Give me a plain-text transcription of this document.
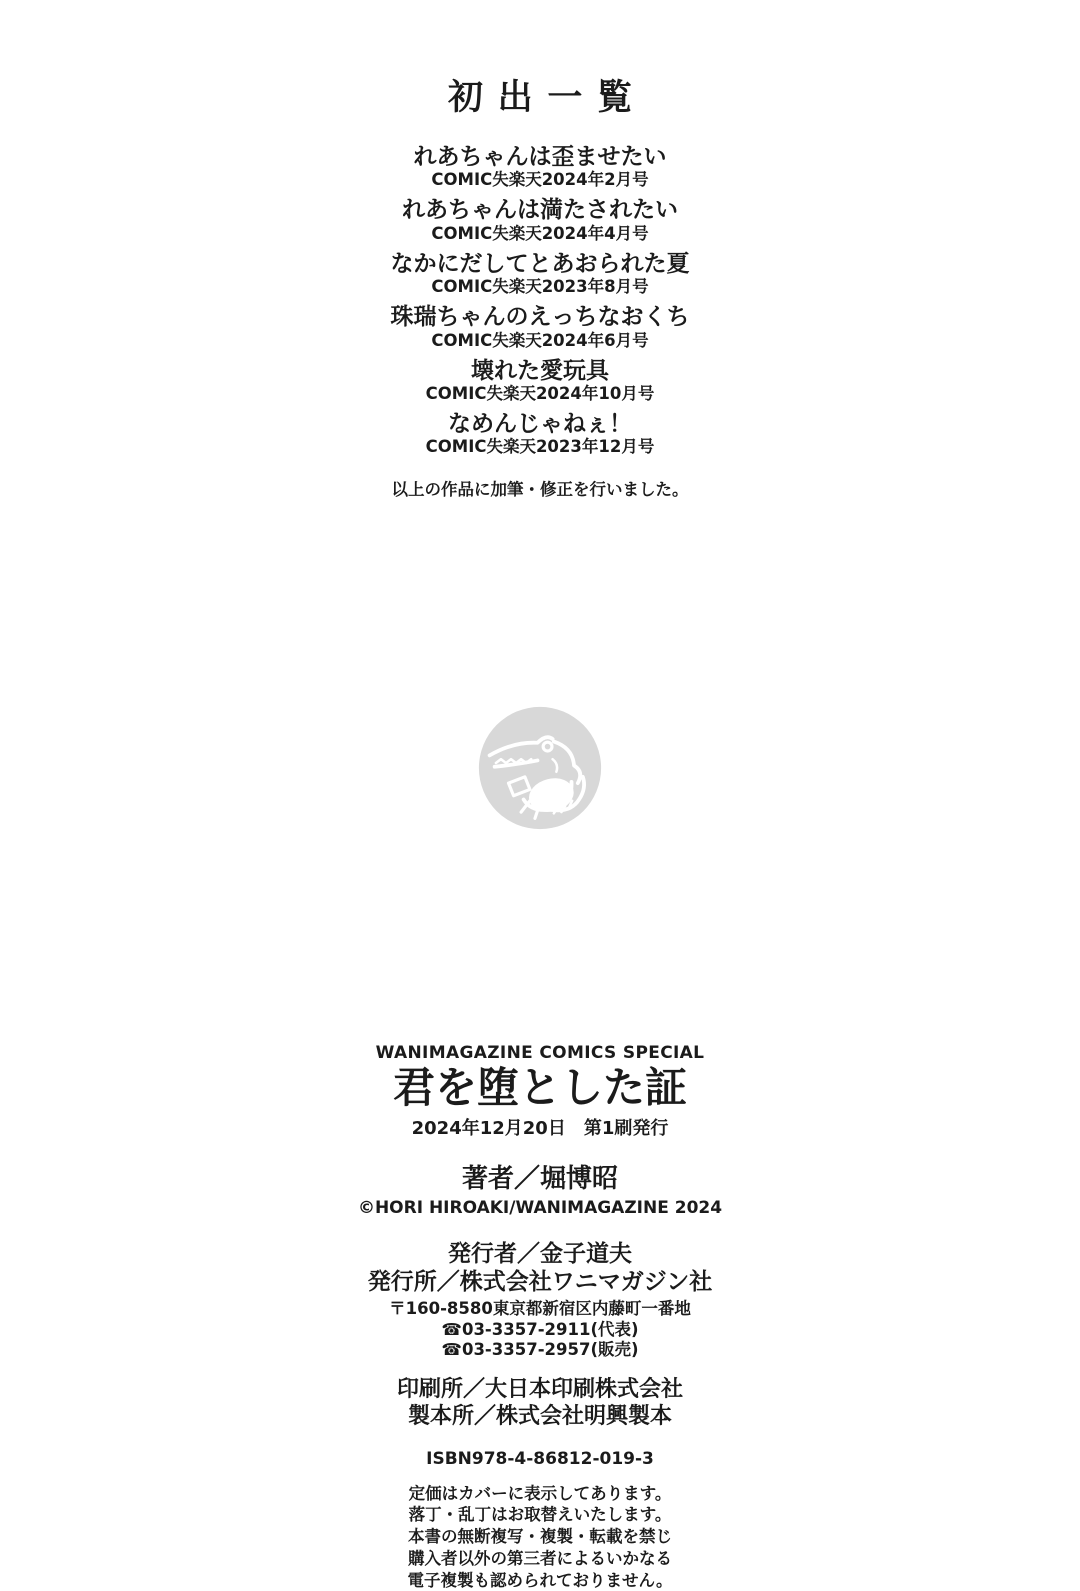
初出一覧
れあちゃんは歪ませたい
COMIC失楽天2024年2月号
れあちゃんは満たされたい
COMIC失楽天2024年4月号
なかにだしてとあおられた夏
COMIC失楽天2023年8月号
珠瑞ちゃんのえっちなおくち
COMIC失楽天2024年6月号
壊れた愛玩具
COMIC失楽天2024年10月号
なめんじゃねぇ！
COMIC失楽天2023年12月号
以上の作品に加筆・修正を行いました。
WANIMAGAZINE COMICS SPECIAL
君を堕とした証
2024年12月20日　第1刷発行
著者／堀博昭
©HORI HIROAKI/WANIMAGAZINE 2024
発行者／金子道夫
発行所／株式会社ワニマガジン社
〒160-8580東京都新宿区内藤町一番地
☎03-3357-2911(代表)
☎03-3357-2957(販売)
印刷所／大日本印刷株式会社
製本所／株式会社明興製本
ISBN978-4-86812-019-3
定価はカバーに表示してあります。
落丁・乱丁はお取替えいたします。
本書の無断複写・複製・転載を禁じ
購入者以外の第三者によるいかなる
電子複製も認められておりません。
